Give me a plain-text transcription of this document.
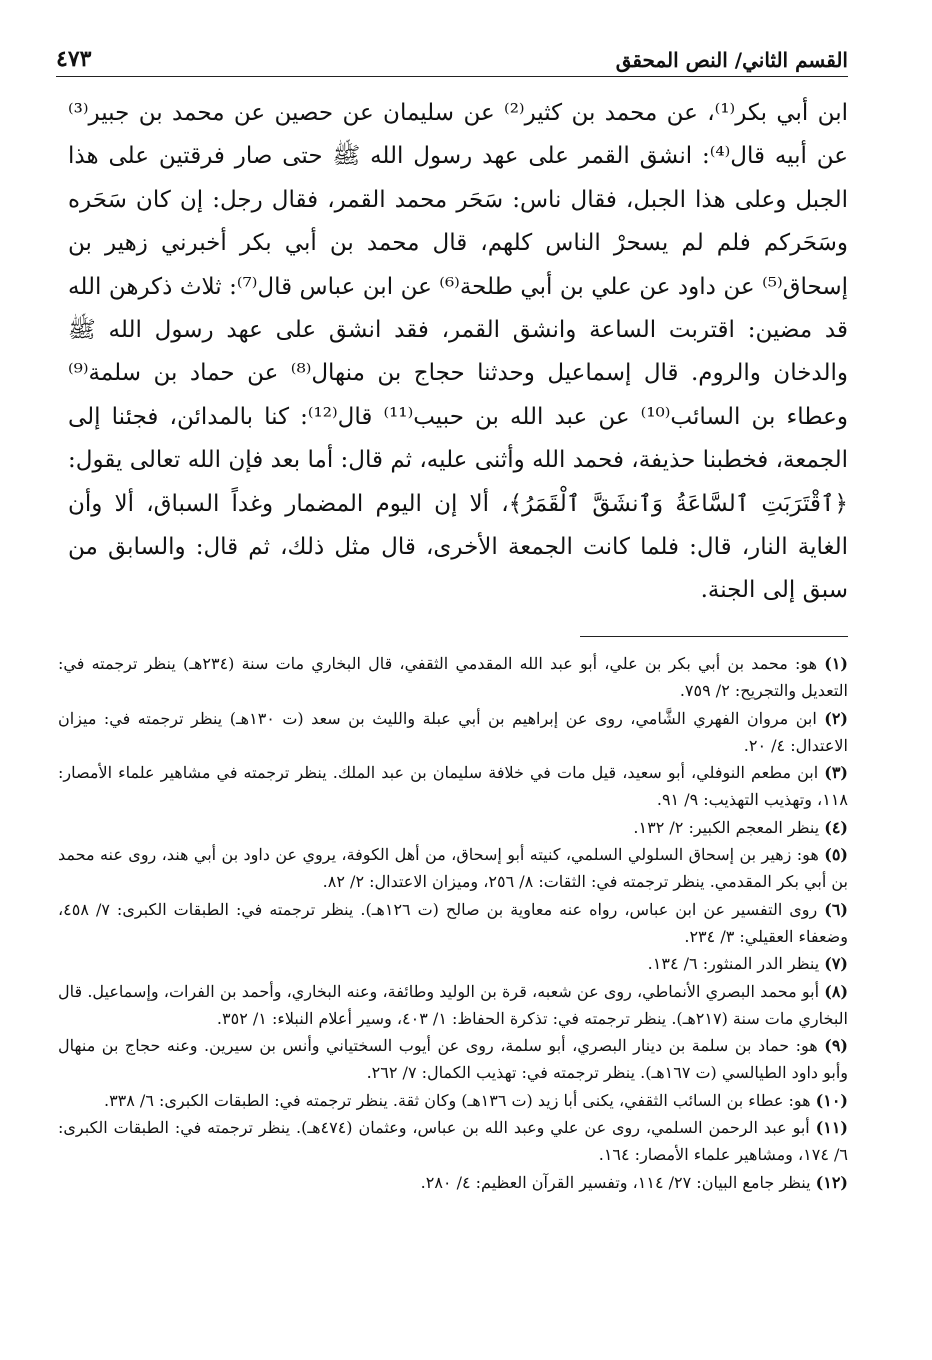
القسم الثاني/ النص المحقق
٤٧٣

ابن أبي بكر⁽¹⁾، عن محمد بن كثير⁽²⁾ عن سليمان عن حصين عن محمد بن جبير⁽³⁾ عن أبيه قال⁽⁴⁾: انشق القمر على عهد رسول الله ﷺ حتى صار فرقتين على هذا الجبل وعلى هذا الجبل، فقال ناس: سَحَر محمد القمر، فقال رجل: إن كان سَحَره وسَحَركم فلم لم يسحرْ الناس كلهم، قال محمد بن أبي بكر أخبرني زهير بن إسحاق⁽⁵⁾ عن داود عن علي بن أبي طلحة⁽⁶⁾ عن ابن عباس قال⁽⁷⁾: ثلاث ذكرهن الله قد مضين: اقتربت الساعة وانشق القمر، فقد انشق على عهد رسول الله ﷺ والدخان والروم. قال إسماعيل وحدثنا حجاج بن منهال⁽⁸⁾ عن حماد بن سلمة⁽⁹⁾ وعطاء بن السائب⁽¹⁰⁾ عن عبد الله بن حبيب⁽¹¹⁾ قال⁽¹²⁾: كنا بالمدائن، فجئنا إلى الجمعة، فخطبنا حذيفة، فحمد الله وأثنى عليه، ثم قال: أما بعد فإن الله تعالى يقول: ﴿ٱقْتَرَبَتِ ٱلسَّاعَةُ وَٱنشَقَّ ٱلْقَمَرُ﴾، ألا إن اليوم المضمار وغداً السباق، ألا وأن الغاية النار، قال: فلما كانت الجمعة الأخرى، قال مثل ذلك، ثم قال: والسابق من سبق إلى الجنة.

(١) هو: محمد بن أبي بكر بن علي، أبو عبد الله المقدمي الثقفي، قال البخاري مات سنة (٢٣٤هـ) ينظر ترجمته في: التعديل والتجريح: ٢/ ٧٥٩.

(٢) ابن مروان الفهري الشَّامي، روى عن إبراهيم بن أبي عبلة والليث بن سعد (ت ١٣٠هـ) ينظر ترجمته في: ميزان الاعتدال: ٤/ ٢٠.

(٣) ابن مطعم النوفلي، أبو سعيد، قيل مات في خلافة سليمان بن عبد الملك. ينظر ترجمته في مشاهير علماء الأمصار: ١١٨، وتهذيب التهذيب: ٩/ ٩١.

(٤) ينظر المعجم الكبير: ٢/ ١٣٢.

(٥) هو: زهير بن إسحاق السلولي السلمي، كنيته أبو إسحاق، من أهل الكوفة، يروي عن داود بن أبي هند، روى عنه محمد بن أبي بكر المقدمي. ينظر ترجمته في: الثقات: ٨/ ٢٥٦، وميزان الاعتدال: ٢/ ٨٢.

(٦) روى التفسير عن ابن عباس، رواه عنه معاوية بن صالح (ت ١٢٦هـ). ينظر ترجمته في: الطبقات الكبرى: ٧/ ٤٥٨، وضعفاء العقيلي: ٣/ ٢٣٤.

(٧) ينظر الدر المنثور: ٦/ ١٣٤.

(٨) أبو محمد البصري الأنماطي، روى عن شعبه، قرة بن الوليد وطائفة، وعنه البخاري، وأحمد بن الفرات، وإسماعيل. قال البخاري مات سنة (٢١٧هـ). ينظر ترجمته في: تذكرة الحفاظ: ١/ ٤٠٣، وسير أعلام النبلاء: ١/ ٣٥٢.

(٩) هو: حماد بن سلمة بن دينار البصري، أبو سلمة، روى عن أيوب السختياني وأنس بن سيرين. وعنه حجاج بن منهال وأبو داود الطيالسي (ت ١٦٧هـ). ينظر ترجمته في: تهذيب الكمال: ٧/ ٢٦٢.

(١٠) هو: عطاء بن السائب الثقفي، يكنى أبا زيد (ت ١٣٦هـ) وكان ثقة. ينظر ترجمته في: الطبقات الكبرى: ٦/ ٣٣٨.

(١١) أبو عبد الرحمن السلمي، روى عن علي وعبد الله بن عباس، وعثمان (٤٧٤هـ). ينظر ترجمته في: الطبقات الكبرى: ٦/ ١٧٤، ومشاهير علماء الأمصار: ١٦٤.

(١٢) ينظر جامع البيان: ٢٧/ ١١٤، وتفسير القرآن العظيم: ٤/ ٢٨٠.
